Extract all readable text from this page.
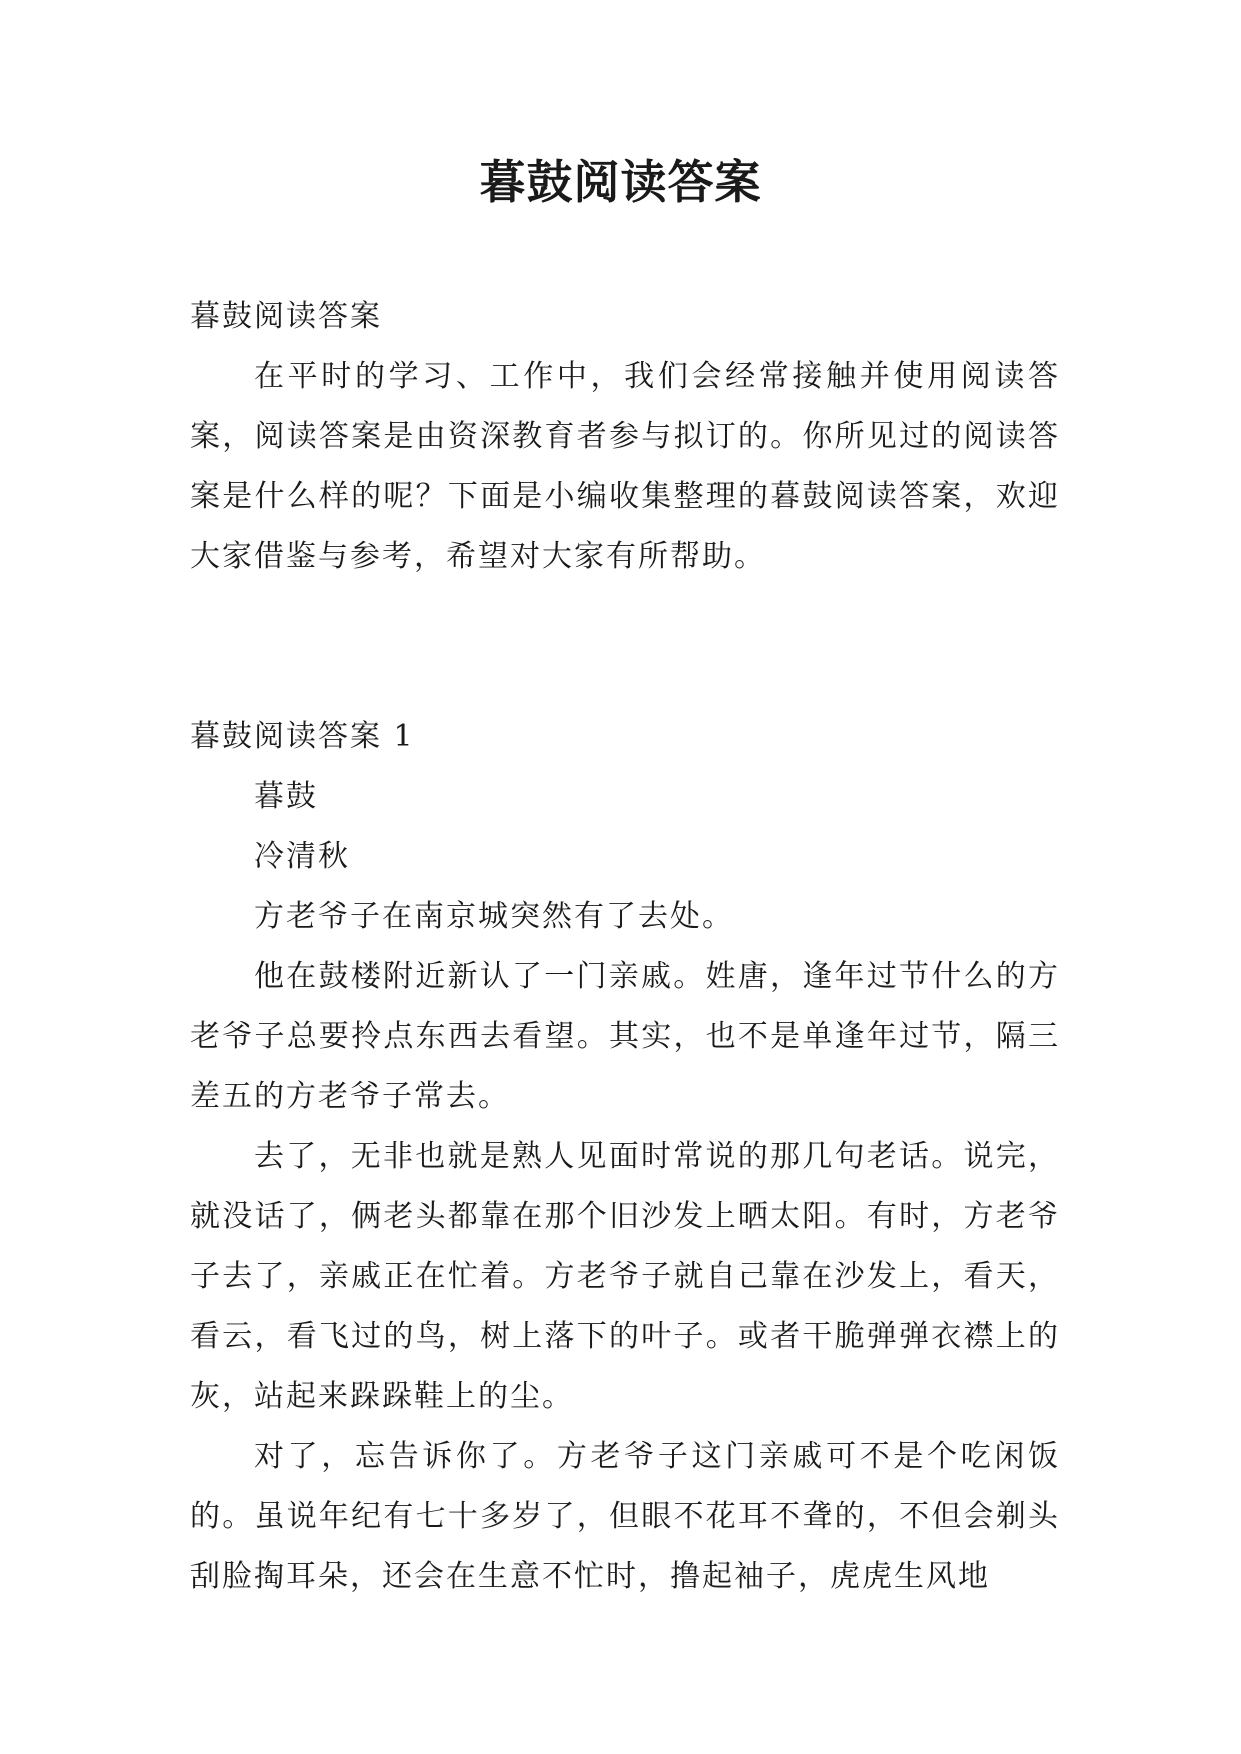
暮鼓阅读答案

暮鼓阅读答案

在平时的学习、工作中，我们会经常接触并使用阅读答案，阅读答案是由资深教育者参与拟订的。你所见过的阅读答案是什么样的呢？下面是小编收集整理的暮鼓阅读答案，欢迎大家借鉴与参考，希望对大家有所帮助。

暮鼓阅读答案 1

暮鼓

冷清秋

方老爷子在南京城突然有了去处。

他在鼓楼附近新认了一门亲戚。姓唐，逢年过节什么的方老爷子总要拎点东西去看望。其实，也不是单逢年过节，隔三差五的方老爷子常去。

去了，无非也就是熟人见面时常说的那几句老话。说完，就没话了，俩老头都靠在那个旧沙发上晒太阳。有时，方老爷子去了，亲戚正在忙着。方老爷子就自己靠在沙发上，看天，看云，看飞过的鸟，树上落下的叶子。或者干脆弹弹衣襟上的灰，站起来跺跺鞋上的尘。

对了，忘告诉你了。方老爷子这门亲戚可不是个吃闲饭的。虽说年纪有七十多岁了，但眼不花耳不聋的，不但会剃头刮脸掏耳朵，还会在生意不忙时，撸起袖子，虎虎生风地
